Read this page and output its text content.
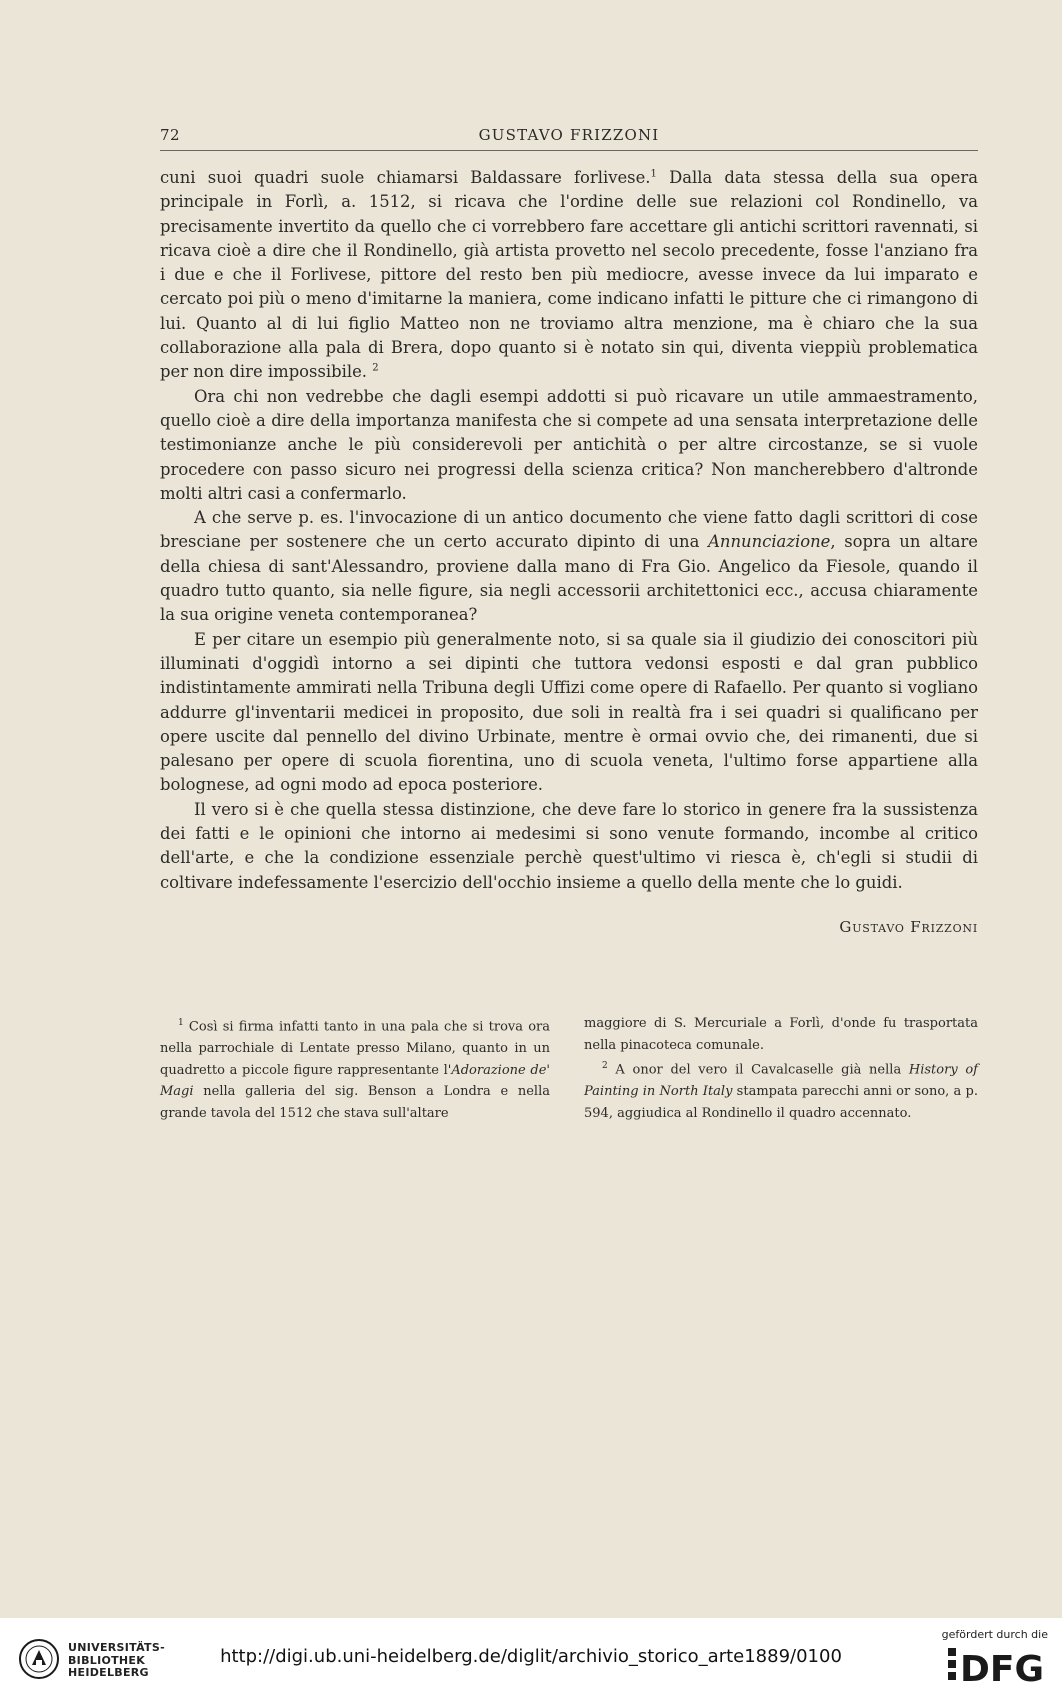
72	GUSTAVO FRIZZONI

cuni suoi quadri suole chiamarsi Baldassare forlivese.$^1$ Dalla data stessa della sua opera principale in Forlì, a. 1512, si ricava che l'ordine delle sue relazioni col Rondinello, va precisamente invertito da quello che ci vorrebbero fare accettare gli antichi scrittori ravennati, si ricava cioè a dire che il Rondinello, già artista provetto nel secolo precedente, fosse l'anziano fra i due e che il Forlivese, pittore del resto ben più mediocre, avesse invece da lui imparato e cercato poi più o meno d'imitarne la maniera, come indicano infatti le pitture che ci rimangono di lui. Quanto al di lui figlio Matteo non ne troviamo altra menzione, ma è chiaro che la sua collaborazione alla pala di Brera, dopo quanto si è notato sin qui, diventa vieppiù problematica per non dire impossibile. $^2$

Ora chi non vedrebbe che dagli esempi addotti si può ricavare un utile ammaestramento, quello cioè a dire della importanza manifesta che si compete ad una sensata interpretazione delle testimonianze anche le più considerevoli per antichità o per altre circostanze, se si vuole procedere con passo sicuro nei progressi della scienza critica? Non mancherebbero d'altronde molti altri casi a confermarlo.

A che serve p. es. l'invocazione di un antico documento che viene fatto dagli scrittori di cose bresciane per sostenere che un certo accurato dipinto di una Annunciazione, sopra un altare della chiesa di sant'Alessandro, proviene dalla mano di Fra Gio. Angelico da Fiesole, quando il quadro tutto quanto, sia nelle figure, sia negli accessorii architettonici ecc., accusa chiaramente la sua origine veneta contemporanea?

E per citare un esempio più generalmente noto, si sa quale sia il giudizio dei conoscitori più illuminati d'oggidì intorno a sei dipinti che tuttora vedonsi esposti e dal gran pubblico indistintamente ammirati nella Tribuna degli Uffizi come opere di Rafaello. Per quanto si vogliano addurre gl'inventarii medicei in proposito, due soli in realtà fra i sei quadri si qualificano per opere uscite dal pennello del divino Urbinate, mentre è ormai ovvio che, dei rimanenti, due si palesano per opere di scuola fiorentina, uno di scuola veneta, l'ultimo forse appartiene alla bolognese, ad ogni modo ad epoca posteriore.

Il vero si è che quella stessa distinzione, che deve fare lo storico in genere fra la sussistenza dei fatti e le opinioni che intorno ai medesimi si sono venute formando, incombe al critico dell'arte, e che la condizione essenziale perchè quest'ultimo vi riesca è, ch'egli si studii di coltivare indefessamente l'esercizio dell'occhio insieme a quello della mente che lo guidi.

Gustavo Frizzoni

$^1$ Così si firma infatti tanto in una pala che si trova ora nella parrochiale di Lentate presso Milano, quanto in un quadretto a piccole figure rappresentante l'Adorazione de' Magi nella galleria del sig. Benson a Londra e nella grande tavola del 1512 che stava sull'altare

maggiore di S. Mercuriale a Forlì, d'onde fu trasportata nella pinacoteca comunale.

$^2$ A onor del vero il Cavalcaselle già nella History of Painting in North Italy stampata parecchi anni or sono, a p. 594, aggiudica al Rondinello il quadro accennato.

UNIVERSITÄTS-
BIBLIOTHEK
HEIDELBERG
http://digi.ub.uni-heidelberg.de/diglit/archivio_storico_arte1889/0100
gefördert durch die
DFG
